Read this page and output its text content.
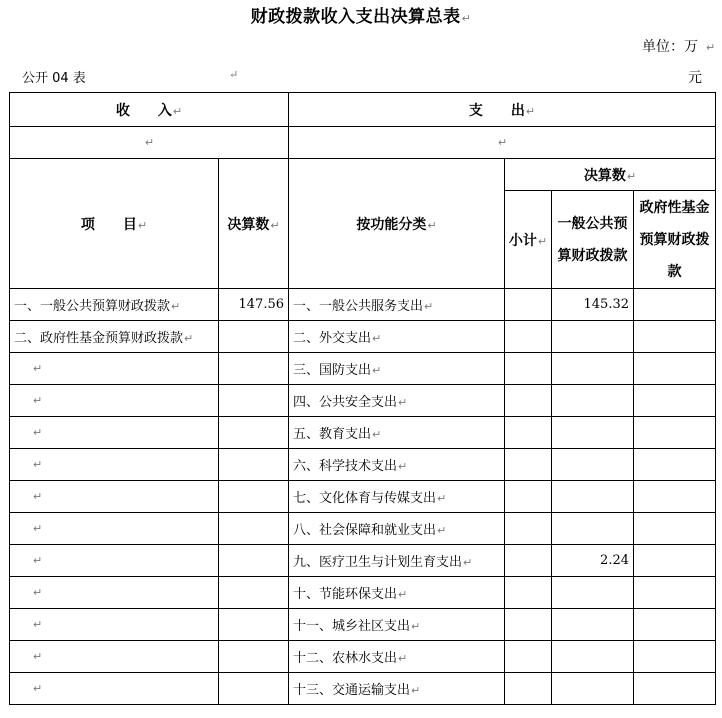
财政拨款收入支出决算总表↵
单位：万 ↵
公开 04 表	↵	元
收　　入↵		支　　出↵			
↵		↵			
项　　目↵	决算数↵	按功能分类↵	决算数↵		
			小计↵	一般公共预算财政拨款	政府性基金预算财政拨款
一、一般公共预算财政拨款↵	147.56	一、一般公共服务支出↵		145.32	
二、政府性基金预算财政拨款↵		二、外交支出↵			
↵		三、国防支出↵			
↵		四、公共安全支出↵			
↵		五、教育支出↵			
↵		六、科学技术支出↵			
↵		七、文化体育与传媒支出↵			
↵		八、社会保障和就业支出↵			
↵		九、医疗卫生与计划生育支出↵		2.24	
↵		十、节能环保支出↵			
↵		十一、城乡社区支出↵			
↵		十二、农林水支出↵			
↵		十三、交通运输支出↵			
